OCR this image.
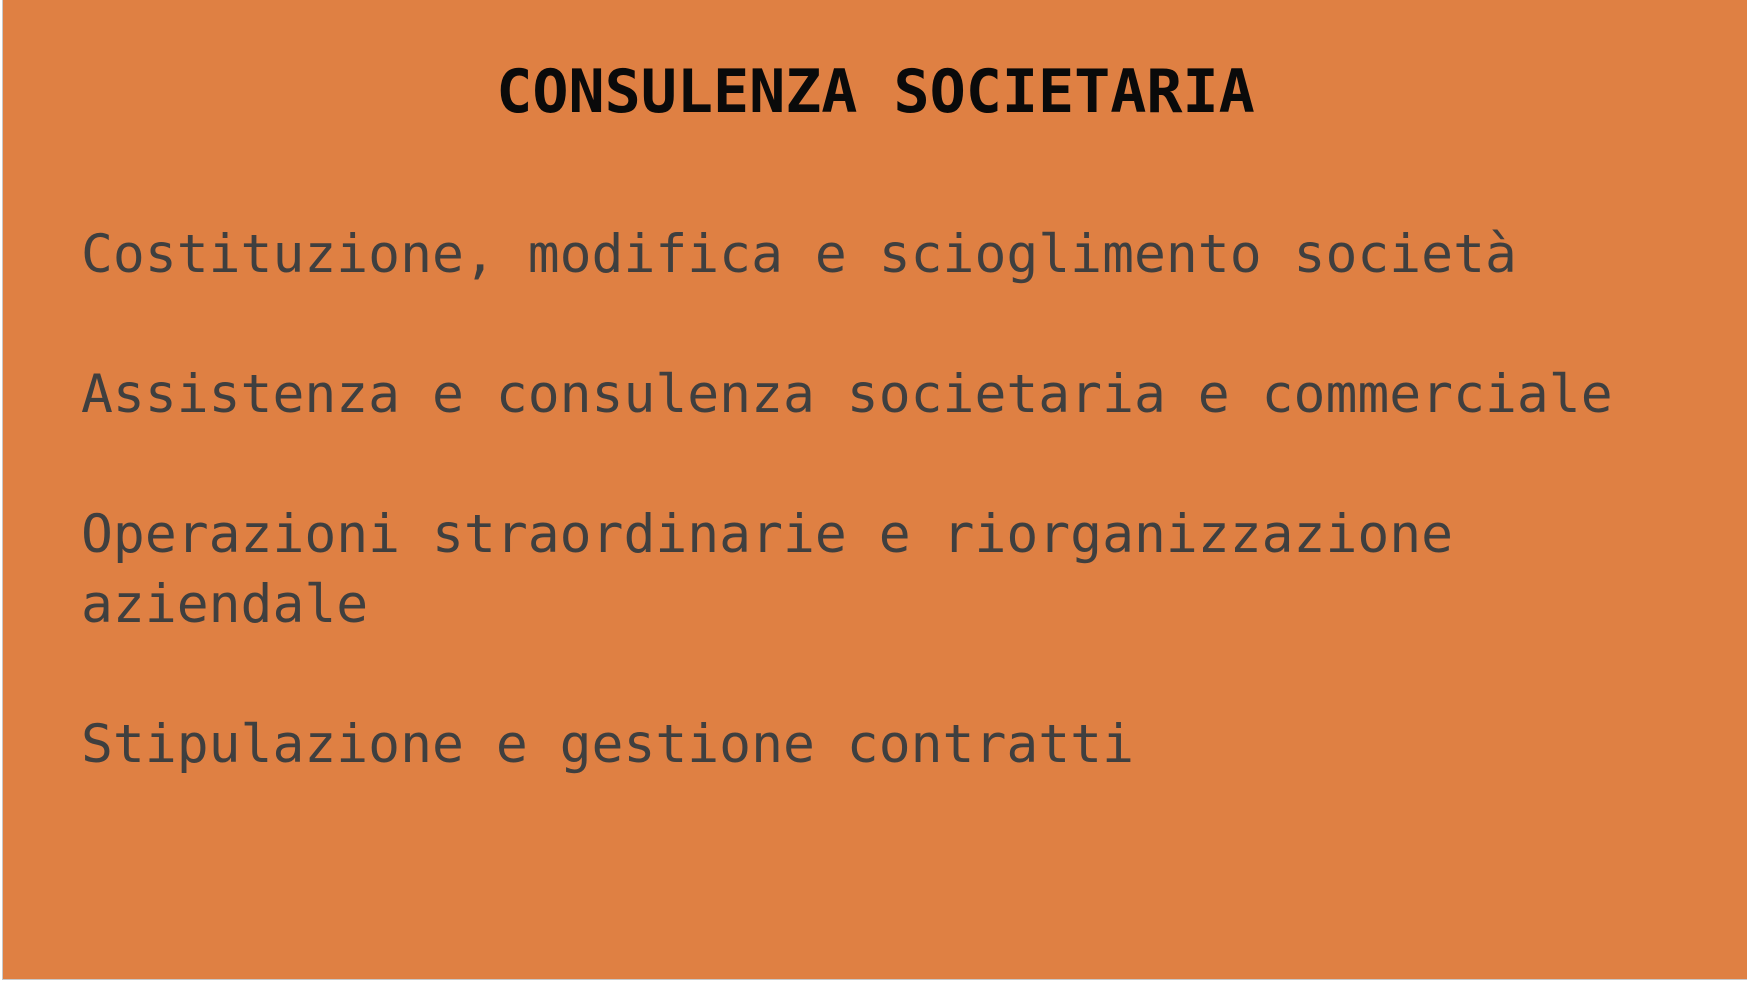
CONSULENZA SOCIETARIA
Costituzione, modifica e scioglimento società
Assistenza e consulenza societaria e commerciale
Operazioni straordinarie e riorganizzazione aziendale
Stipulazione e gestione contratti
